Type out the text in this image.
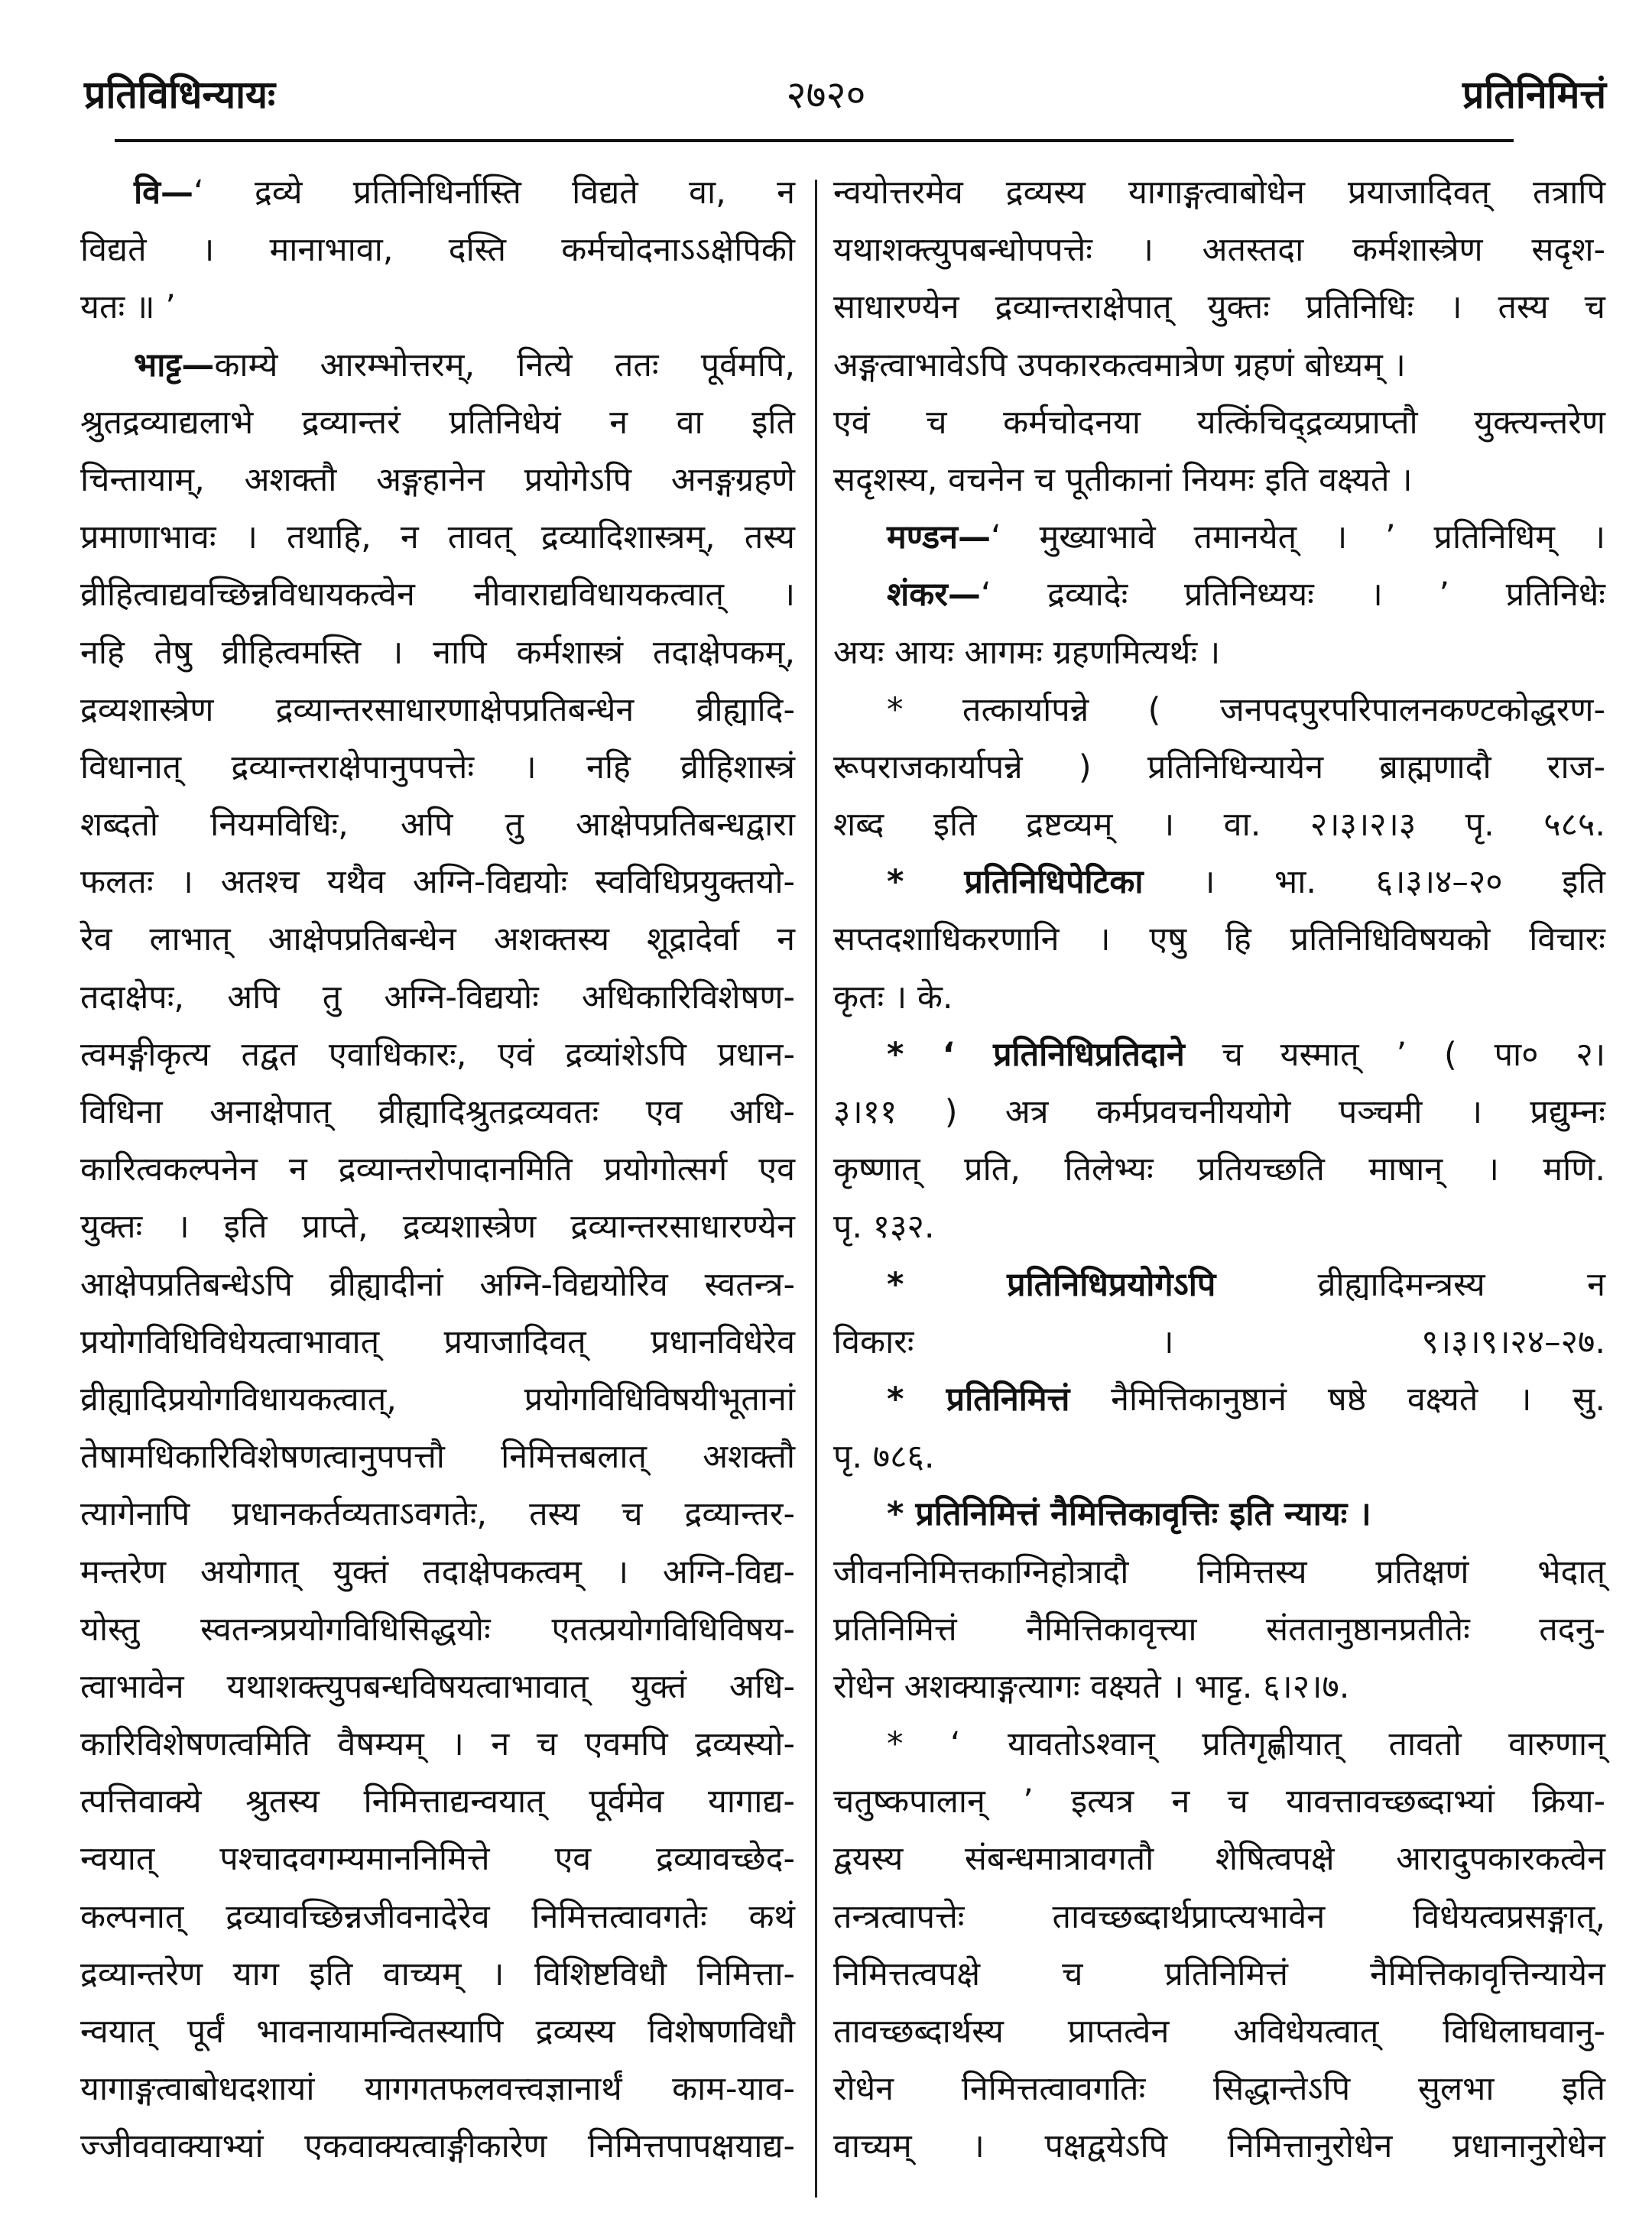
प्रतिविधिन्यायः	२७२०	प्रतिनिमित्तं
वि—‘ द्रव्ये प्रतिनिधिर्नास्ति विद्यते वा, न
विद्यते । मानाभावा, दस्ति कर्मचोदनाऽऽक्षेपिकी
यतः ॥ ’
भाट्ट—काम्ये आरम्भोत्तरम्, नित्ये ततः पूर्वमपि,
श्रुतद्रव्याद्यलाभे द्रव्यान्तरं प्रतिनिधेयं न वा इति
चिन्तायाम्, अशक्तौ अङ्गहानेन प्रयोगेऽपि अनङ्गग्रहणे
प्रमाणाभावः । तथाहि, न तावत् द्रव्यादिशास्त्रम्, तस्य
व्रीहित्वाद्यवच्छिन्नविधायकत्वेन नीवाराद्यविधायकत्वात् ।
नहि तेषु व्रीहित्वमस्ति । नापि कर्मशास्त्रं तदाक्षेपकम्,
द्रव्यशास्त्रेण द्रव्यान्तरसाधारणाक्षेपप्रतिबन्धेन व्रीह्यादि-
विधानात् द्रव्यान्तराक्षेपानुपपत्तेः । नहि व्रीहिशास्त्रं
शब्दतो नियमविधिः, अपि तु आक्षेपप्रतिबन्धद्वारा
फलतः । अतश्च यथैव अग्नि-विद्ययोः स्वविधिप्रयुक्तयो-
रेव लाभात् आक्षेपप्रतिबन्धेन अशक्तस्य शूद्रादेर्वा न
तदाक्षेपः, अपि तु अग्नि-विद्ययोः अधिकारिविशेषण-
त्वमङ्गीकृत्य तद्वत एवाधिकारः, एवं द्रव्यांशेऽपि प्रधान-
विधिना अनाक्षेपात् व्रीह्यादिश्रुतद्रव्यवतः एव अधि-
कारित्वकल्पनेन न द्रव्यान्तरोपादानमिति प्रयोगोत्सर्ग एव
युक्तः । इति प्राप्ते, द्रव्यशास्त्रेण द्रव्यान्तरसाधारण्येन
आक्षेपप्रतिबन्धेऽपि व्रीह्यादीनां अग्नि-विद्ययोरिव स्वतन्त्र-
प्रयोगविधिविधेयत्वाभावात् प्रयाजादिवत् प्रधानविधेरेव
व्रीह्यादिप्रयोगविधायकत्वात्, प्रयोगविधिविषयीभूतानां
तेषामधिकारिविशेषणत्वानुपपत्तौ निमित्तबलात् अशक्तौ
त्यागेनापि प्रधानकर्तव्यताऽवगतेः, तस्य च द्रव्यान्तर-
मन्तरेण अयोगात् युक्तं तदाक्षेपकत्वम् । अग्नि-विद्य-
योस्तु स्वतन्त्रप्रयोगविधिसिद्धयोः एतत्प्रयोगविधिविषय-
त्वाभावेन यथाशक्त्युपबन्धविषयत्वाभावात् युक्तं अधि-
कारिविशेषणत्वमिति वैषम्यम् । न च एवमपि द्रव्यस्यो-
त्पत्तिवाक्ये श्रुतस्य निमित्ताद्यन्वयात् पूर्वमेव यागाद्य-
न्वयात् पश्चादवगम्यमाननिमित्ते एव द्रव्यावच्छेद-
कल्पनात् द्रव्यावच्छिन्नजीवनादेरेव निमित्तत्वावगतेः कथं
द्रव्यान्तरेण याग इति वाच्यम् । विशिष्टविधौ निमित्ता-
न्वयात् पूर्वं भावनायामन्वितस्यापि द्रव्यस्य विशेषणविधौ
यागाङ्गत्वाबोधदशायां यागगतफलवत्त्वज्ञानार्थं काम-याव-
ज्जीववाक्याभ्यां एकवाक्यत्वाङ्गीकारेण निमित्तपापक्षयाद्य-
न्वयोत्तरमेव द्रव्यस्य यागाङ्गत्वाबोधेन प्रयाजादिवत् तत्रापि
यथाशक्त्युपबन्धोपपत्तेः । अतस्तदा कर्मशास्त्रेण सदृश-
साधारण्येन द्रव्यान्तराक्षेपात् युक्तः प्रतिनिधिः । तस्य च
अङ्गत्वाभावेऽपि उपकारकत्वमात्रेण ग्रहणं बोध्यम् ।
एवं च कर्मचोदनया यत्किंचिद्द्रव्यप्राप्तौ युक्त्यन्तरेण
सदृशस्य, वचनेन च पूतीकानां नियमः इति वक्ष्यते ।
मण्डन—‘ मुख्याभावे तमानयेत् । ’ प्रतिनिधिम् ।
शंकर—‘ द्रव्यादेः प्रतिनिध्ययः । ’ प्रतिनिधेः
अयः आयः आगमः ग्रहणमित्यर्थः ।
* तत्कार्यापन्ने ( जनपदपुरपरिपालनकण्टकोद्धरण-
रूपराजकार्यापन्ने ) प्रतिनिधिन्यायेन ब्राह्मणादौ राज-
शब्द इति द्रष्टव्यम् । वा. २।३।२।३ पृ. ५८५.
* प्रतिनिधिपेटिका । भा. ६।३।४–२० इति
सप्तदशाधिकरणानि । एषु हि प्रतिनिधिविषयको विचारः
कृतः । के.
* ‘ प्रतिनिधिप्रतिदाने च यस्मात् ’ ( पा० २।
३।११ ) अत्र कर्मप्रवचनीययोगे पञ्चमी । प्रद्युम्नः
कृष्णात् प्रति, तिलेभ्यः प्रतियच्छति माषान् । मणि.
पृ. १३२.
* प्रतिनिधिप्रयोगेऽपि व्रीह्यादिमन्त्रस्य न
विकारः । ९।३।९।२४–२७.
* प्रतिनिमित्तं नैमित्तिकानुष्ठानं षष्ठे वक्ष्यते । सु.
पृ. ७८६.
* प्रतिनिमित्तं नैमित्तिकावृत्तिः इति न्यायः ।
जीवननिमित्तकाग्निहोत्रादौ निमित्तस्य प्रतिक्षणं भेदात्
प्रतिनिमित्तं नैमित्तिकावृत्त्या संततानुष्ठानप्रतीतेः तदनु-
रोधेन अशक्याङ्गत्यागः वक्ष्यते । भाट्ट. ६।२।७.
* ‘ यावतोऽश्वान् प्रतिगृह्णीयात् तावतो वारुणान्
चतुष्कपालान् ’ इत्यत्र न च यावत्तावच्छब्दाभ्यां क्रिया-
द्वयस्य संबन्धमात्रावगतौ शेषित्वपक्षे आरादुपकारकत्वेन
तन्त्रत्वापत्तेः तावच्छब्दार्थप्राप्त्यभावेन विधेयत्वप्रसङ्गात्,
निमित्तत्वपक्षे च प्रतिनिमित्तं नैमित्तिकावृत्तिन्यायेन
तावच्छब्दार्थस्य प्राप्तत्वेन अविधेयत्वात् विधिलाघवानु-
रोधेन निमित्तत्वावगतिः सिद्धान्तेऽपि सुलभा इति
वाच्यम् । पक्षद्वयेऽपि निमित्तानुरोधेन प्रधानानुरोधेन
